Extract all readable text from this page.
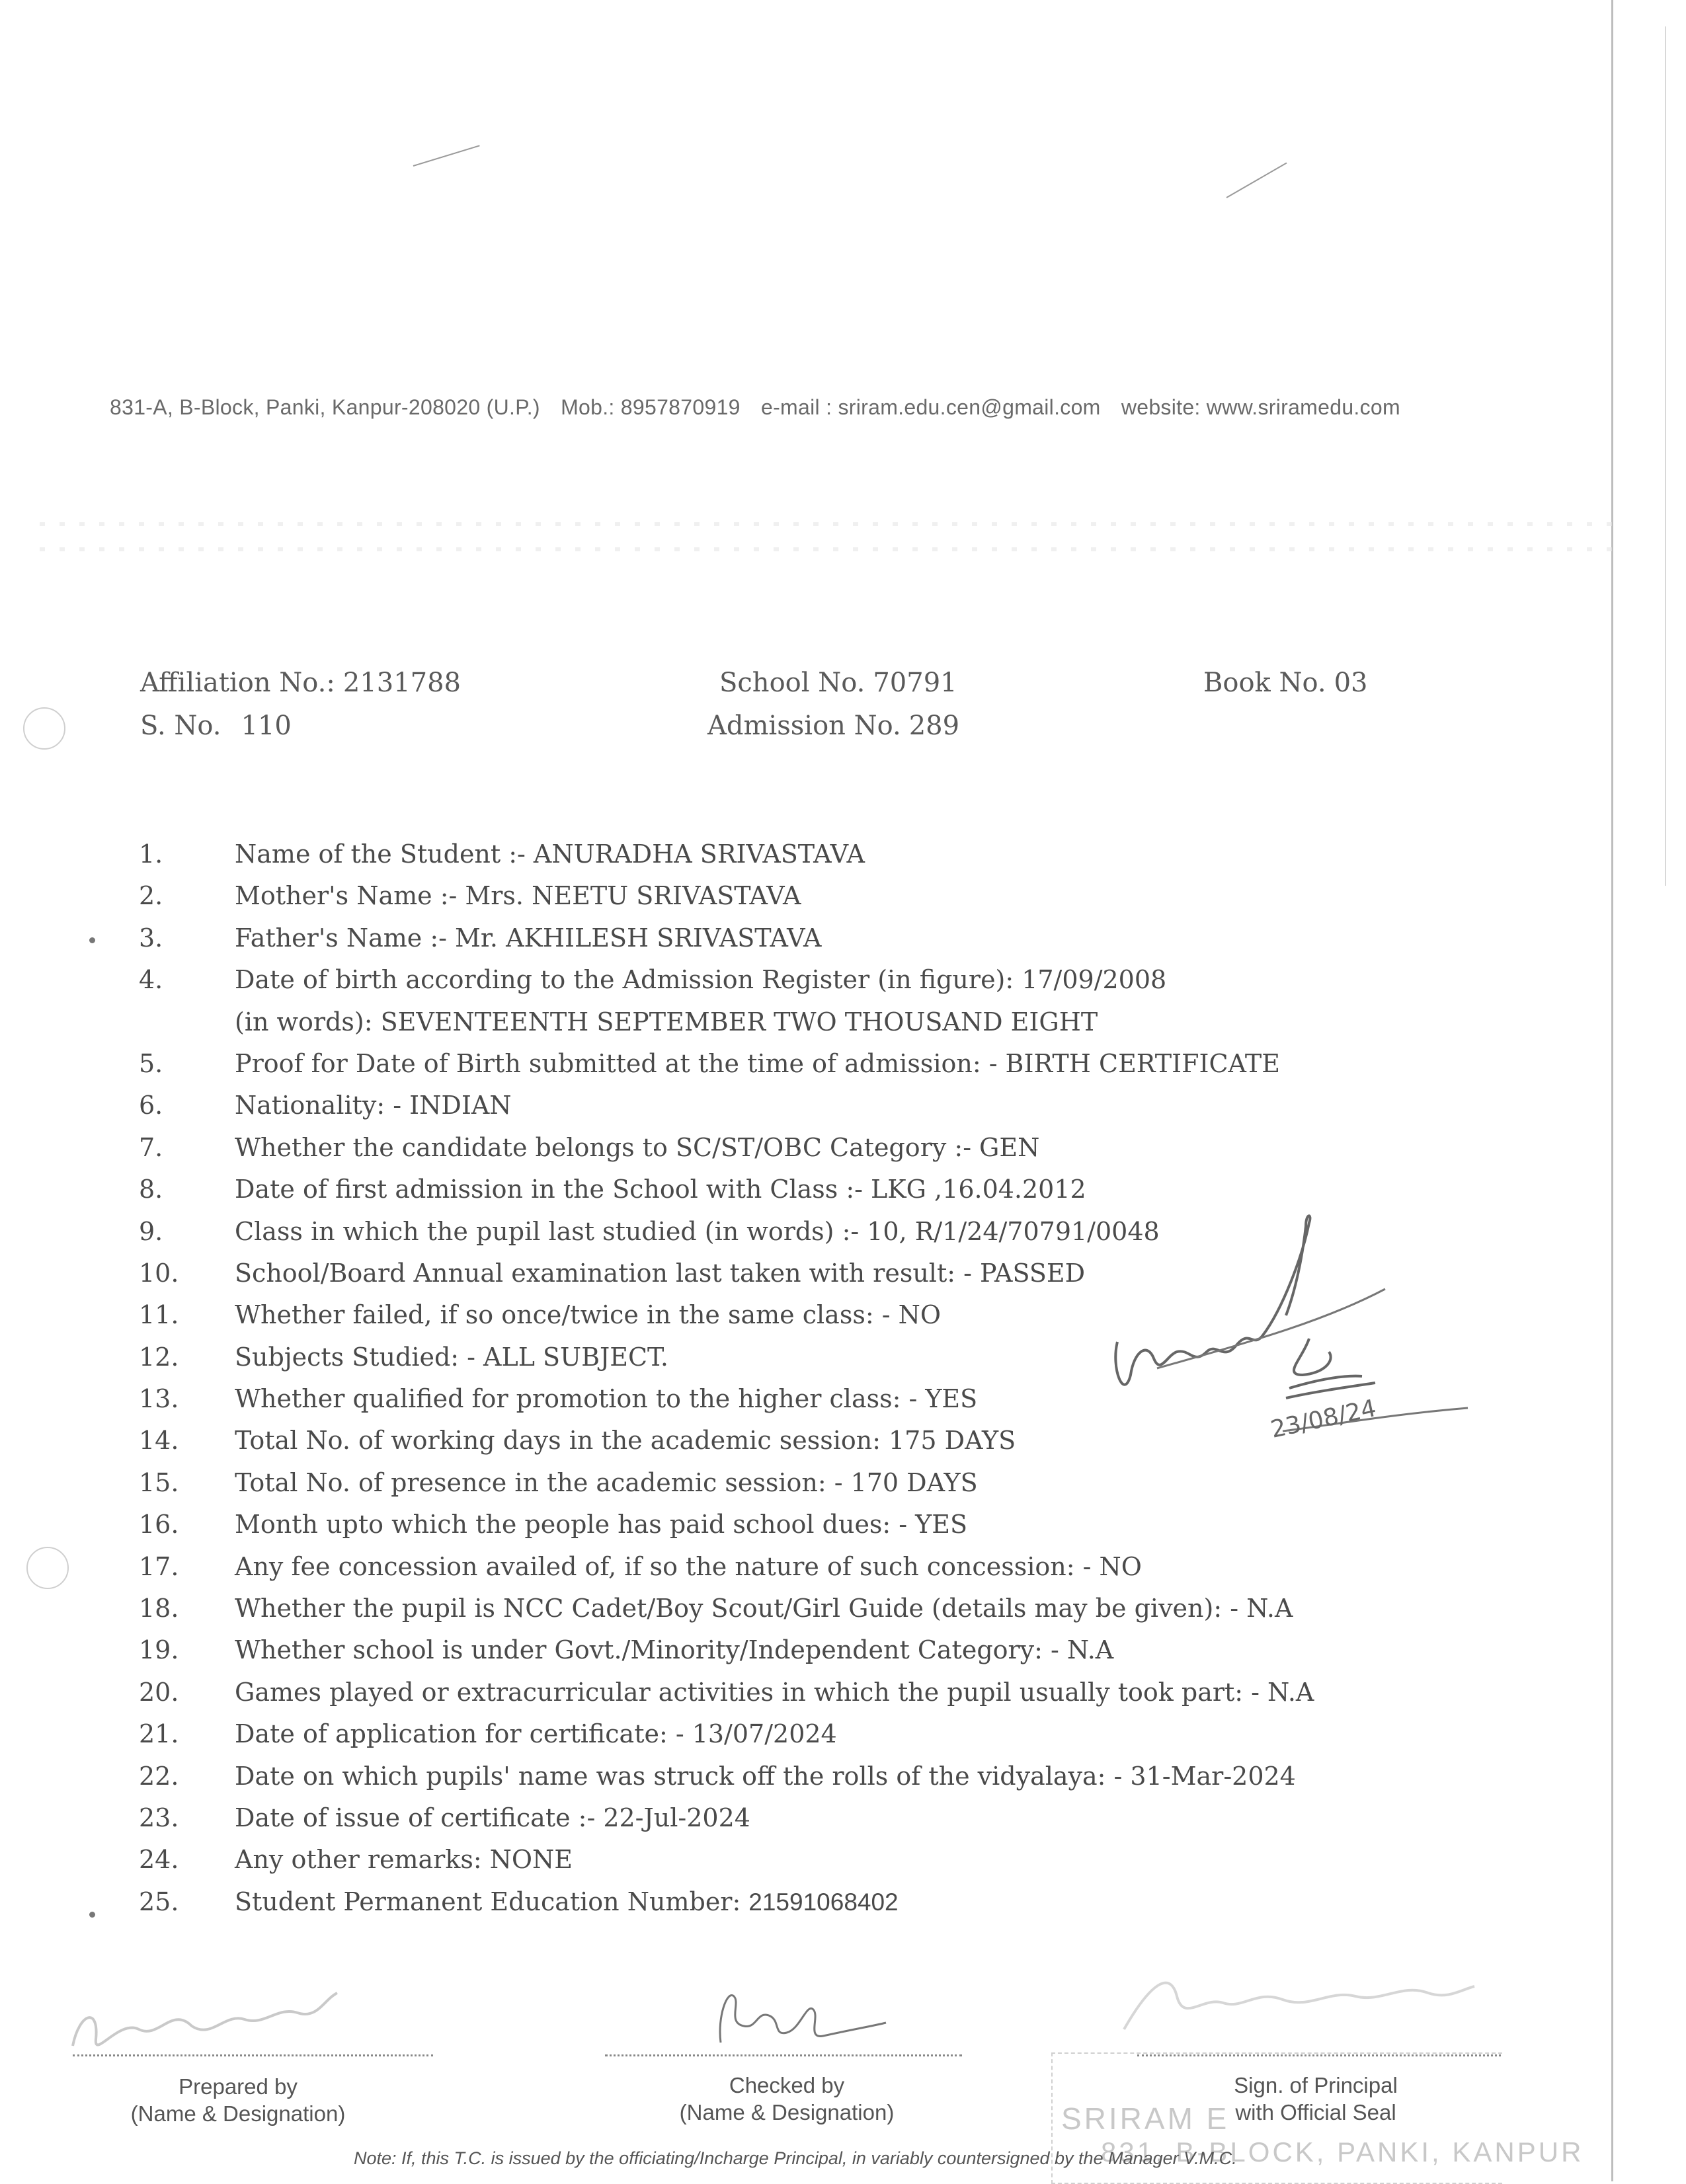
831-A, B-Block, Panki, Kanpur-208020 (U.P.) Mob.: 8957870919 e-mail : sriram.edu.cen@gmail.com website: www.sriramedu.com
Affiliation No.: 2131788	School No. 70791	Book No. 03
S. No. 110	Admission No. 289
1.	Name of the Student :- ANURADHA SRIVASTAVA
2.	Mother's Name :- Mrs. NEETU SRIVASTAVA
3.	Father's Name :- Mr. AKHILESH SRIVASTAVA
4.	Date of birth according to the Admission Register (in figure): 17/09/2008
(in words): SEVENTEENTH SEPTEMBER TWO THOUSAND EIGHT
5.	Proof for Date of Birth submitted at the time of admission: - BIRTH CERTIFICATE
6.	Nationality: - INDIAN
7.	Whether the candidate belongs to SC/ST/OBC Category :- GEN
8.	Date of first admission in the School with Class :- LKG ,16.04.2012
9.	Class in which the pupil last studied (in words) :- 10, R/1/24/70791/0048
10.	School/Board Annual examination last taken with result: - PASSED
11.	Whether failed, if so once/twice in the same class: - NO
12.	Subjects Studied: - ALL SUBJECT.
13.	Whether qualified for promotion to the higher class: - YES
14.	Total No. of working days in the academic session: 175 DAYS
15.	Total No. of presence in the academic session: - 170 DAYS
16.	Month upto which the people has paid school dues: - YES
17.	Any fee concession availed of, if so the nature of such concession: - NO
18.	Whether the pupil is NCC Cadet/Boy Scout/Girl Guide (details may be given): - N.A
19.	Whether school is under Govt./Minority/Independent Category: - N.A
20.	Games played or extracurricular activities in which the pupil usually took part: - N.A
21.	Date of application for certificate: - 13/07/2024
22.	Date on which pupils' name was struck off the rolls of the vidyalaya: - 31-Mar-2024
23.	Date of issue of certificate :- 22-Jul-2024
24.	Any other remarks: NONE
25.	Student Permanent Education Number: 21591068402
23/08/24
Prepared by
(Name & Designation)
Checked by
(Name & Designation)	SRIRAM E
831, B-BLOCK, PANKI, KANPUR
Sign. of Principal
with Official Seal
Note: If, this T.C. is issued by the officiating/Incharge Principal, in variably countersigned by the Manager V.M.C.
